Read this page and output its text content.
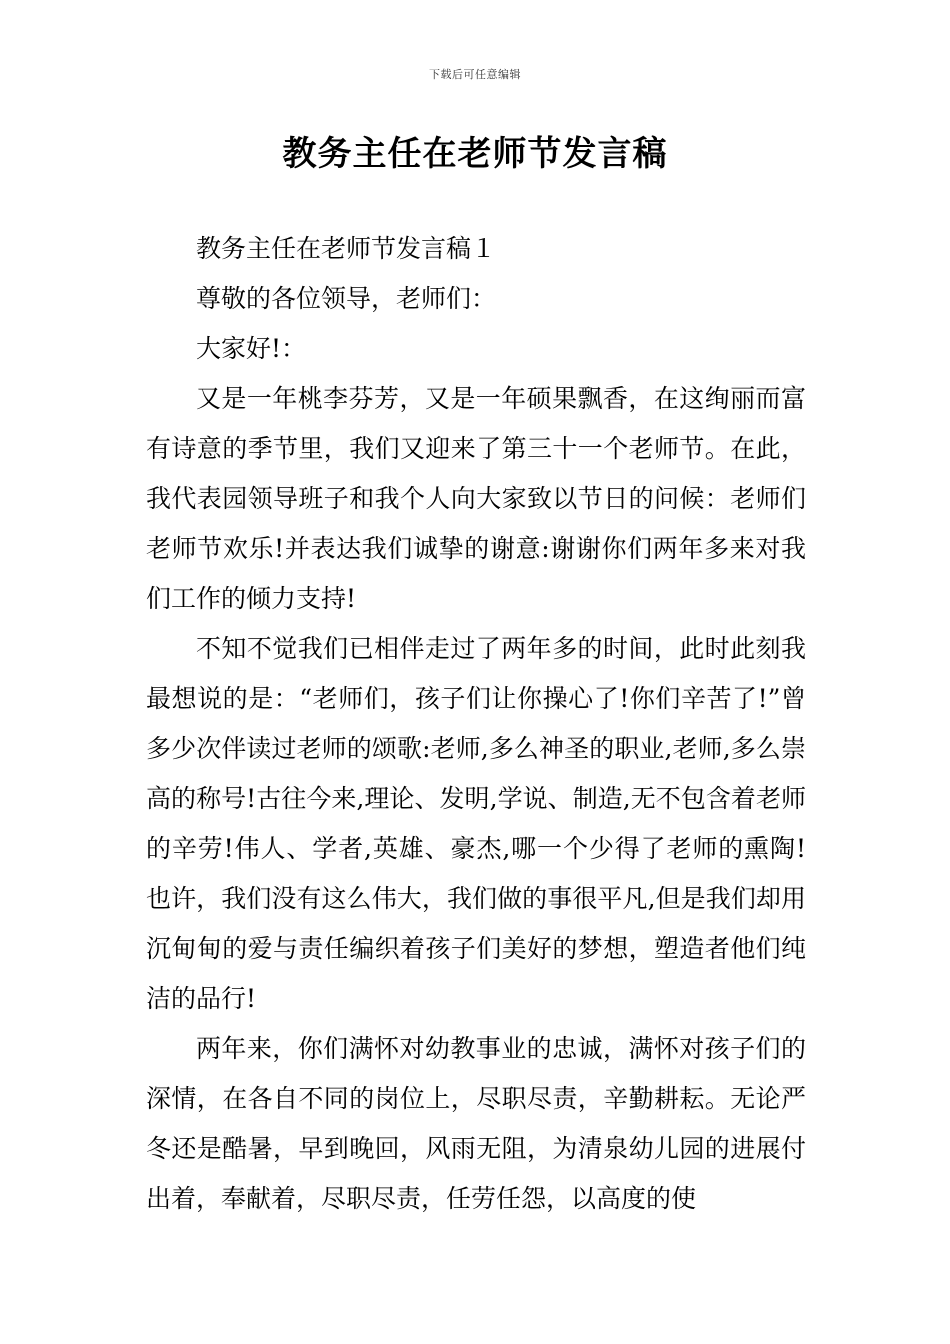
下载后可任意编辑
教务主任在老师节发言稿

教务主任在老师节发言稿１

尊敬的各位领导，老师们：

大家好!：

又是一年桃李芬芳，又是一年硕果飘香，在这绚丽而富有诗意的季节里，我们又迎来了第三十一个老师节。在此，我代表园领导班子和我个人向大家致以节日的问候：老师们老师节欢乐!并表达我们诚挚的谢意:谢谢你们两年多来对我们工作的倾力支持!

不知不觉我们已相伴走过了两年多的时间，此时此刻我最想说的是：“老师们，孩子们让你操心了!你们辛苦了!”曾多少次伴读过老师的颂歌:老师,多么神圣的职业,老师,多么崇高的称号!古往今来,理论、发明,学说、制造,无不包含着老师的辛劳!伟人、学者,英雄、豪杰,哪一个少得了老师的熏陶!也许，我们没有这么伟大，我们做的事很平凡,但是我们却用沉甸甸的爱与责任编织着孩子们美好的梦想，塑造者他们纯洁的品行!

两年来，你们满怀对幼教事业的忠诚，满怀对孩子们的深情，在各自不同的岗位上，尽职尽责，辛勤耕耘。无论严冬还是酷暑，早到晚回，风雨无阻，为清泉幼儿园的进展付出着，奉献着，尽职尽责，任劳任怨，以高度的使
